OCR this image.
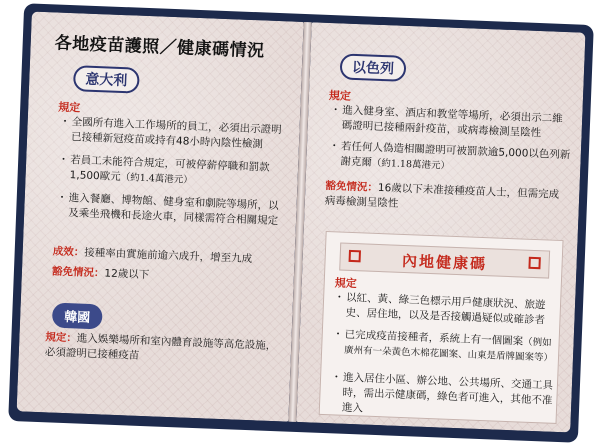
各地疫苗護照／健康碼情況
意大利
規定
・ 全國所有進入工作場所的員工，必須出示證明已接種新冠疫苗或持有48小時內陰性檢測
・ 若員工未能符合規定，可被停薪停職和罰款1,500歐元（約1.4萬港元）
・ 進入餐廳、博物館、健身室和劇院等場所，以及乘坐飛機和長途火車，同樣需符合相關規定
成效：接種率由實施前逾六成升，增至九成
豁免情況：12歲以下
韓國
規定：進入娛樂場所和室內體育設施等高危設施，必須證明已接種疫苗
以色列
規定
・ 進入健身室、酒店和教堂等場所，必須出示二維碼證明已接種兩針疫苗，或病毒檢測呈陰性
・ 若任何人偽造相關證明可被罰款逾5,000以色列新謝克爾（約1.18萬港元）
豁免情況：16歲以下未准接種疫苗人士，但需完成病毒檢測呈陰性
內地健康碼
規定
・ 以紅、黃、綠三色標示用戶健康狀況、旅遊史、居住地，以及是否接觸過疑似或確診者
・ 已完成疫苗接種者，系統上有一個圖案（例如廣州有一朵黃色木棉花圖案、山東是盾牌圖案等）
・ 進入居住小區、辦公地、公共場所、交通工具時，需出示健康碼，綠色者可進入，其他不准進入
